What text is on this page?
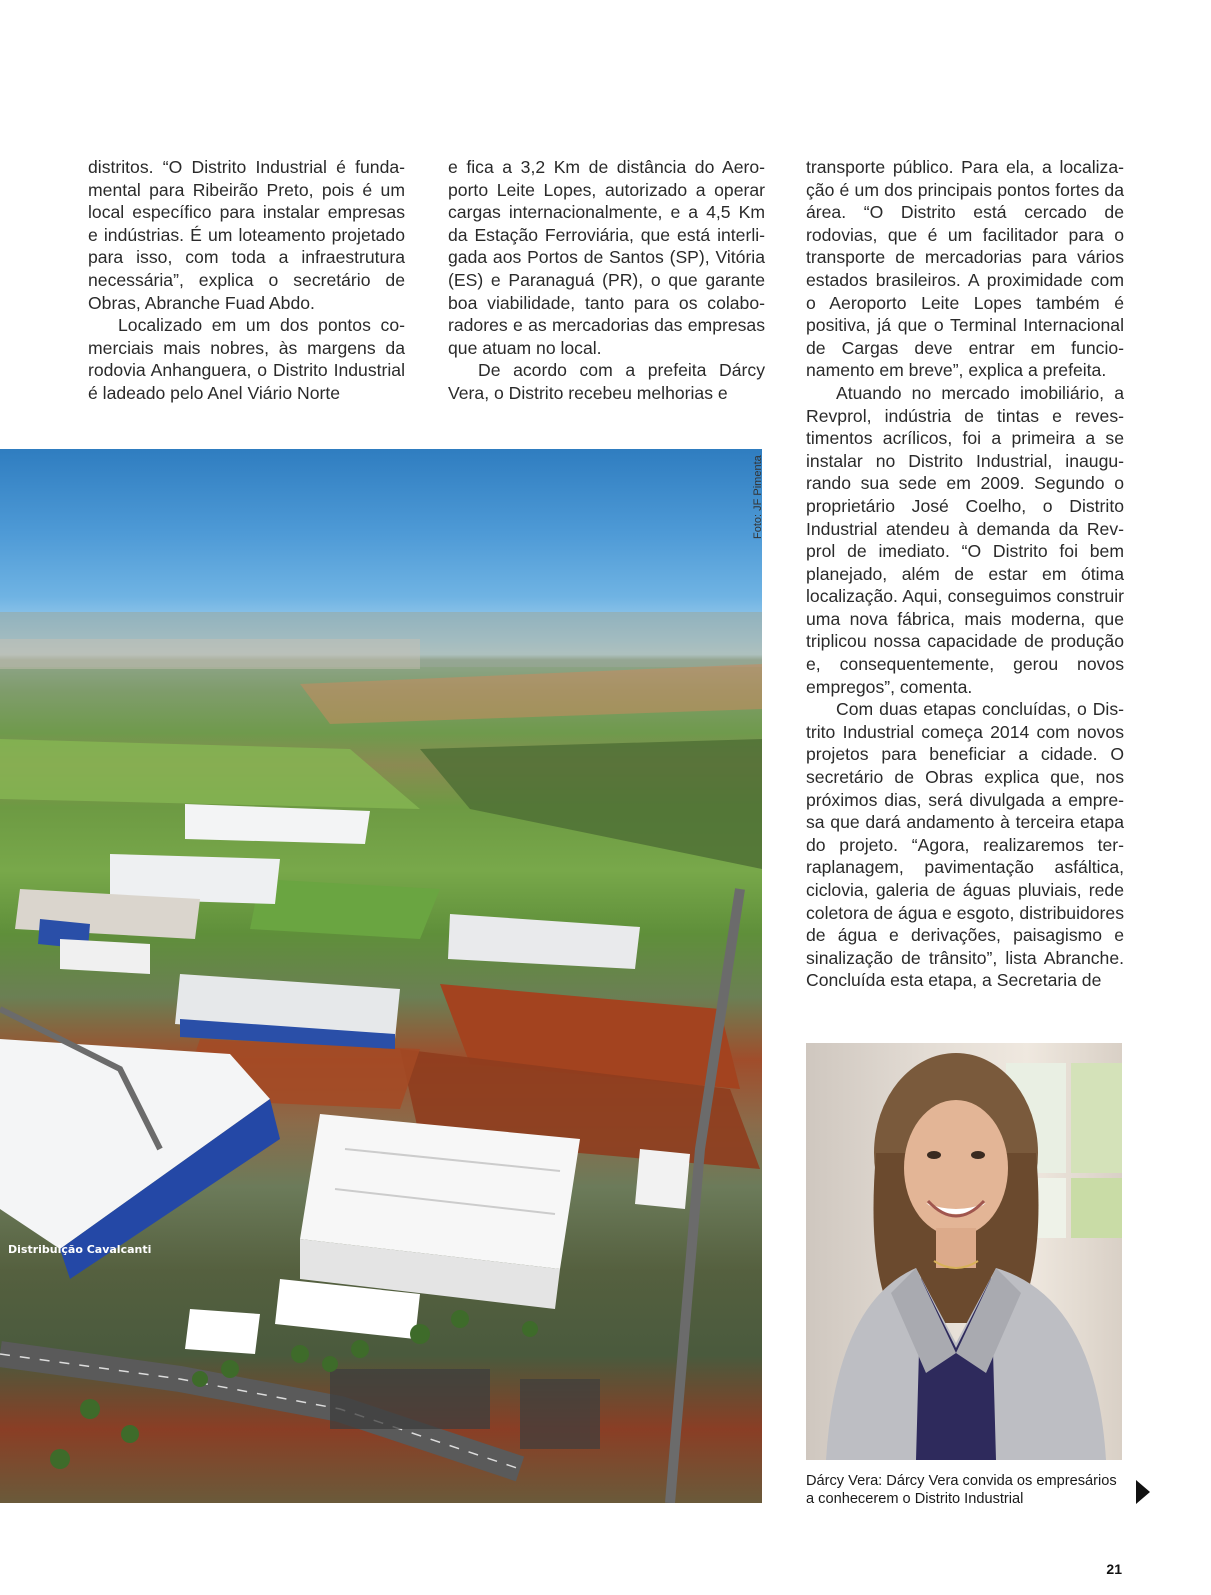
distritos. “O Distrito Industrial é fundamental para Ribeirão Preto, pois é um local específico para instalar empresas e indústrias. É um loteamento projetado para isso, com toda a infraestrutura necessária”, explica o secretário de Obras, Abranche Fuad Abdo.

Localizado em um dos pontos comerciais mais nobres, às margens da rodovia Anhanguera, o Distrito Industrial é ladeado pelo Anel Viário Norte

e fica a 3,2 Km de distância do Aeroporto Leite Lopes, autorizado a operar cargas internacionalmente, e a 4,5 Km da Estação Ferroviária, que está interligada aos Portos de Santos (SP), Vitória (ES) e Paranaguá (PR), o que garante boa viabilidade, tanto para os colaboradores e as mercadorias das empresas que atuam no local.

De acordo com a prefeita Dárcy Vera, o Distrito recebeu melhorias e

transporte público. Para ela, a localização é um dos principais pontos fortes da área. “O Distrito está cercado de rodovias, que é um facilitador para o transporte de mercadorias para vários estados brasileiros. A proximidade com o Aeroporto Leite Lopes também é positiva, já que o Terminal Internacional de Cargas deve entrar em funcionamento em breve”, explica a prefeita.

Atuando no mercado imobiliário, a Revprol, indústria de tintas e revestimentos acrílicos, foi a primeira a se instalar no Distrito Industrial, inaugurando sua sede em 2009. Segundo o proprietário José Coelho, o Distrito Industrial atendeu à demanda da Revprol de imediato. “O Distrito foi bem planejado, além de estar em ótima localização. Aqui, conseguimos construir uma nova fábrica, mais moderna, que triplicou nossa capacidade de produção e, consequentemente, gerou novos empregos”, comenta.

Com duas etapas concluídas, o Distrito Industrial começa 2014 com novos projetos para beneficiar a cidade. O secretário de Obras explica que, nos próximos dias, será divulgada a empresa que dará andamento à terceira etapa do projeto. “Agora, realizaremos terraplanagem, pavimentação asfáltica, ciclovia, galeria de águas pluviais, rede coletora de água e esgoto, distribuidores de água e derivações, paisagismo e sinalização de trânsito”, lista Abranche. Concluída esta etapa, a Secretaria de

Distribuição Cavalcanti
Foto: JF Pimenta
Dárcy Vera: Dárcy Vera convida os empresários a conhecerem o Distrito Industrial
21
